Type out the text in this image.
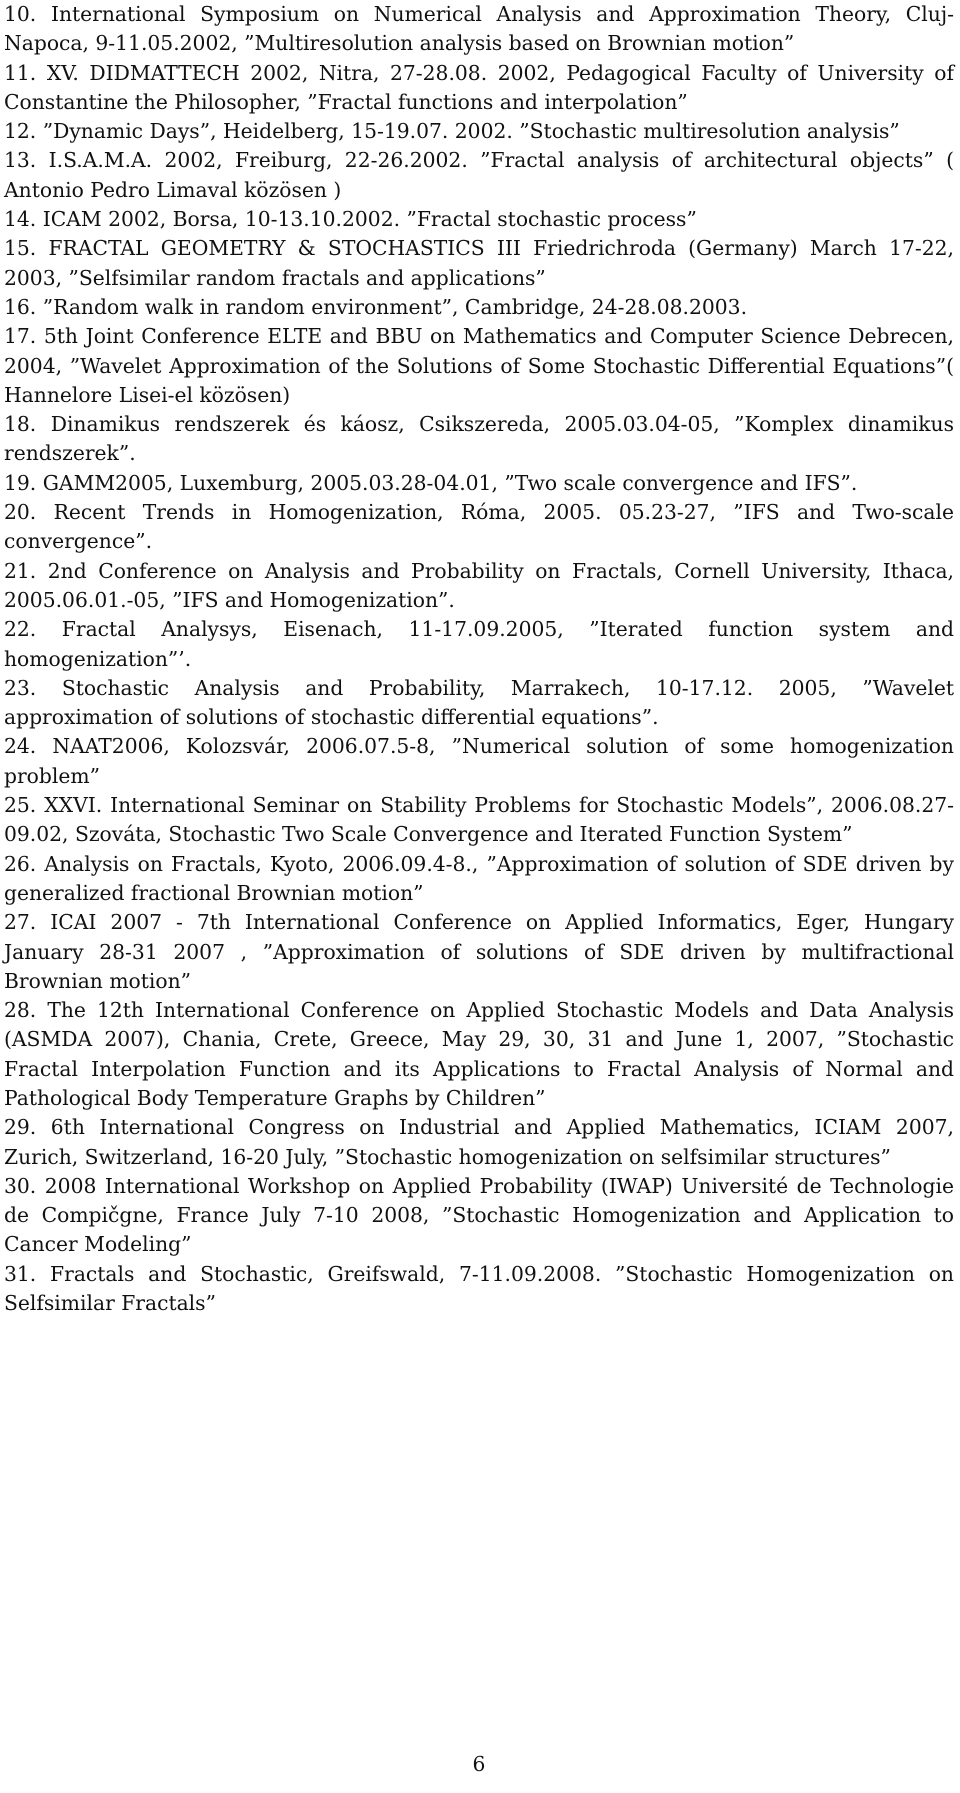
10. International Symposium on Numerical Analysis and Approximation Theory, Cluj-Napoca, 9-11.05.2002, ”Multiresolution analysis based on Brownian motion”

11. XV. DIDMATTECH 2002, Nitra, 27-28.08. 2002, Pedagogical Faculty of University of Constantine the Philosopher, ”Fractal functions and interpolation”

12. ”Dynamic Days”, Heidelberg, 15-19.07. 2002. ”Stochastic multiresolution analysis”

13. I.S.A.M.A. 2002, Freiburg, 22-26.2002. ”Fractal analysis of architectural objects” ( Antonio Pedro Limaval közösen )

14. ICAM 2002, Borsa, 10-13.10.2002. ”Fractal stochastic process”

15. FRACTAL GEOMETRY & STOCHASTICS III Friedrichroda (Germany) March 17-22, 2003, ”Selfsimilar random fractals and applications”

16. ”Random walk in random environment”, Cambridge, 24-28.08.2003.

17. 5th Joint Conference ELTE and BBU on Mathematics and Computer Science Debrecen, 2004, ”Wavelet Approximation of the Solutions of Some Stochastic Differential Equations”( Hannelore Lisei-el közösen)

18. Dinamikus rendszerek és káosz, Csikszereda, 2005.03.04-05, ”Komplex dinamikus rendszerek”.

19. GAMM2005, Luxemburg, 2005.03.28-04.01, ”Two scale convergence and IFS”.

20. Recent Trends in Homogenization, Róma, 2005. 05.23-27, ”IFS and Two-scale convergence”.

21. 2nd Conference on Analysis and Probability on Fractals, Cornell University, Ithaca, 2005.06.01.-05, ”IFS and Homogenization”.

22. Fractal Analysys, Eisenach, 11-17.09.2005, ”Iterated function system and homogenization”’.

23. Stochastic Analysis and Probability, Marrakech, 10-17.12. 2005, ”Wavelet approximation of solutions of stochastic differential equations”.

24. NAAT2006, Kolozsvár, 2006.07.5-8, ”Numerical solution of some homogenization problem”

25. XXVI. International Seminar on Stability Problems for Stochastic Models”, 2006.08.27-09.02, Szováta, Stochastic Two Scale Convergence and Iterated Function System”

26. Analysis on Fractals, Kyoto, 2006.09.4-8., ”Approximation of solution of SDE driven by generalized fractional Brownian motion”

27. ICAI 2007 - 7th International Conference on Applied Informatics, Eger, Hungary January 28-31 2007 , ”Approximation of solutions of SDE driven by multifractional Brownian motion”

28. The 12th International Conference on Applied Stochastic Models and Data Analysis (ASMDA 2007), Chania, Crete, Greece, May 29, 30, 31 and June 1, 2007, ”Stochastic Fractal Interpolation Function and its Applications to Fractal Analysis of Normal and Pathological Body Temperature Graphs by Children”

29. 6th International Congress on Industrial and Applied Mathematics, ICIAM 2007, Zurich, Switzerland, 16-20 July, ”Stochastic homogenization on selfsimilar structures”

30. 2008 International Workshop on Applied Probability (IWAP) Université de Technologie de Compičgne, France July 7-10 2008, ”Stochastic Homogenization and Application to Cancer Modeling”

31. Fractals and Stochastic, Greifswald, 7-11.09.2008. ”Stochastic Homogenization on Selfsimilar Fractals”

6
